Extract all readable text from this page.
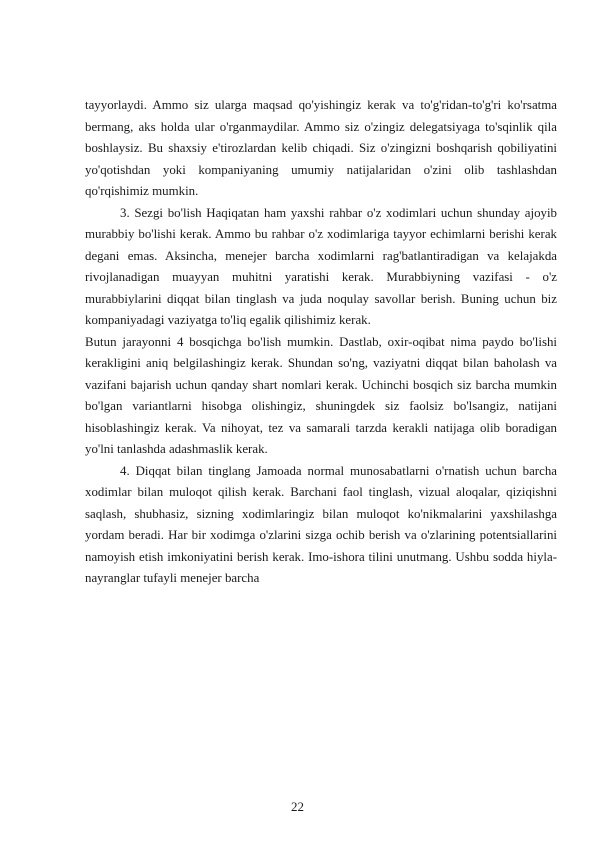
tayyorlaydi. Ammo siz ularga maqsad qo'yishingiz kerak va to'g'ridan-to'g'ri ko'rsatma bermang, aks holda ular o'rganmaydilar. Ammo siz o'zingiz delegatsiyaga to'sqinlik qila boshlaysiz. Bu shaxsiy e'tirozlardan kelib chiqadi. Siz o'zingizni boshqarish qobiliyatini yo'qotishdan yoki kompaniyaning umumiy natijalaridan o'zini olib tashlashdan qo'rqishimiz mumkin.

3. Sezgi bo'lish Haqiqatan ham yaxshi rahbar o'z xodimlari uchun shunday ajoyib murabbiy bo'lishi kerak. Ammo bu rahbar o'z xodimlariga tayyor echimlarni berishi kerak degani emas. Aksincha, menejer barcha xodimlarni rag'batlantiradigan va kelajakda rivojlanadigan muayyan muhitni yaratishi kerak. Murabbiyning vazifasi - o'z murabbiylarini diqqat bilan tinglash va juda noqulay savollar berish. Buning uchun biz kompaniyadagi vaziyatga to'liq egalik qilishimiz kerak.

Butun jarayonni 4 bosqichga bo'lish mumkin. Dastlab, oxir-oqibat nima paydo bo'lishi kerakligini aniq belgilashingiz kerak. Shundan so'ng, vaziyatni diqqat bilan baholash va vazifani bajarish uchun qanday shart nomlari kerak. Uchinchi bosqich siz barcha mumkin bo'lgan variantlarni hisobga olishingiz, shuningdek siz faolsiz bo'lsangiz, natijani hisoblashingiz kerak. Va nihoyat, tez va samarali tarzda kerakli natijaga olib boradigan yo'lni tanlashda adashmaslik kerak.

4. Diqqat bilan tinglang Jamoada normal munosabatlarni o'rnatish uchun barcha xodimlar bilan muloqot qilish kerak. Barchani faol tinglash, vizual aloqalar, qiziqishni saqlash, shubhasiz, sizning xodimlaringiz bilan muloqot ko'nikmalarini yaxshilashga yordam beradi. Har bir xodimga o'zlarini sizga ochib berish va o'zlarining potentsiallarini namoyish etish imkoniyatini berish kerak. Imo-ishora tilini unutmang. Ushbu sodda hiyla-nayranglar tufayli menejer barcha

22
